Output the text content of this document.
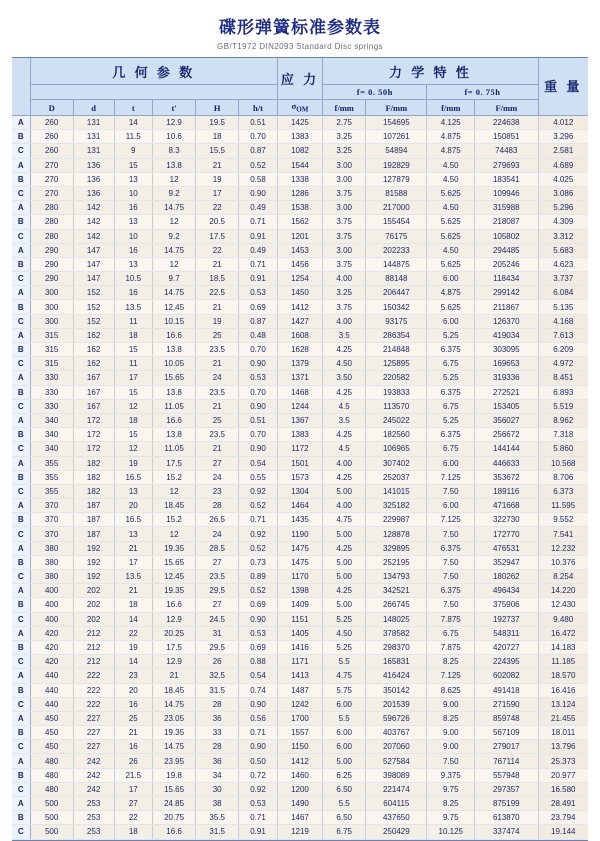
碟形弹簧标准参数表
GB/T1972 DIN2093 Standard Disc springs
	几 何 参 数						应 力	力 学 特 性				重 量
								f= 0. 50h		f= 0. 75h		
	D	d	t	t'	H	h/t	$\sigma_{OM}$	f/mm	F/mm	f/mm	F/mm	
A	260	131	14	12.9	19.5	0.51	1425	2.75	154695	4.125	224638	4.012
B	260	131	11.5	10.6	18	0.70	1383	3.25	107261	4.875	150851	3.296
C	260	131	9	8.3	15.5	0.87	1082	3.25	54894	4.875	74483	2.581
A	270	136	15	13.8	21	0.52	1544	3.00	192829	4.50	279693	4.689
B	270	136	13	12	19	0.58	1338	3.00	127879	4.50	183541	4.025
C	270	136	10	9.2	17	0.90	1286	3.75	81588	5.625	109946	3.086
A	280	142	16	14.75	22	0.49	1538	3.00	217000	4.50	315988	5.296
B	280	142	13	12	20.5	0.71	1562	3.75	155454	5.625	218087	4.309
C	280	142	10	9.2	17.5	0.91	1201	3.75	76175	5.625	105802	3.312
A	290	147	16	14.75	22	0.49	1453	3.00	202233	4.50	294485	5.683
B	290	147	13	12	21	0.71	1456	3.75	144875	5.625	205246	4.623
C	290	147	10.5	9.7	18.5	0.91	1254	4.00	88148	6.00	118434	3.737
A	300	152	16	14.75	22.5	0.53	1450	3.25	206447	4.875	299142	6.084
B	300	152	13.5	12.45	21	0.69	1412	3.75	150342	5.625	211867	5.135
C	300	152	11	10.15	19	0.87	1427	4.00	93175	6.00	126370	4.168
A	315	162	18	16.6	25	0.48	1608	3.5	286354	5.25	419034	7.613
B	315	162	15	13.8	23.5	0.70	1628	4.25	214848	6.375	303095	6.209
C	315	162	11	10.05	21	0.90	1379	4.50	125895	6.75	169653	4.972
A	330	167	17	15.65	24	0.53	1371	3.50	220582	5.25	319336	8.451
B	330	167	15	13.8	23.5	0.70	1468	4.25	193833	6.375	272521	6.893
C	330	167	12	11.05	21	0.90	1244	4.5	113570	6.75	153405	5.519
A	340	172	18	16.6	25	0.51	1367	3.5	245022	5.25	356027	8.962
B	340	172	15	13.8	23.5	0.70	1383	4.25	182560	6.375	256672	7.318
C	340	172	12	11.05	21	0.90	1172	4.5	106965	6.75	144144	5.860
A	355	182	19	17.5	27	0.54	1501	4.00	307402	6.00	446633	10.568
B	355	182	16.5	15.2	24	0.55	1573	4.25	252037	7.125	353672	8.706
C	355	182	13	12	23	0.92	1304	5.00	141015	7.50	189116	6.373
A	370	187	20	18.45	28	0.52	1464	4.00	325182	6.00	471668	11.595
B	370	187	16.5	15.2	26.5	0.71	1435	4.75	229987	7.125	322730	9.552
C	370	187	13	12	24	0.92	1190	5.00	128878	7.50	172770	7.541
A	380	192	21	19.35	28.5	0.52	1475	4.25	329895	6.375	476531	12.232
B	380	192	17	15.65	27	0.73	1475	5.00	252195	7.50	352947	10.376
C	380	192	13.5	12.45	23.5	0.89	1170	5.00	134793	7.50	180262	8.254
A	400	202	21	19.35	29.5	0.52	1398	4.25	342521	6.375	496434	14.220
B	400	202	18	16.6	27	0.69	1409	5.00	266745	7.50	375906	12.430
C	400	202	14	12.9	24.5	0.90	1151	5.25	148025	7.875	192737	9.480
A	420	212	22	20.25	31	0.53	1405	4.50	378582	6.75	548311	16.472
B	420	212	19	17.5	29.5	0.69	1416	5.25	298370	7.875	420727	14.183
C	420	212	14	12.9	26	0.88	1171	5.5	165831	8.25	224395	11.185
A	440	222	23	21	32.5	0.54	1413	4.75	416424	7.125	602082	18.570
B	440	222	20	18.45	31.5	0.74	1487	5.75	350142	8.625	491418	16.416
C	440	222	16	14.75	28	0.90	1242	6.00	201539	9.00	271590	13.124
A	450	227	25	23.05	36	0.56	1700	5.5	596726	8.25	859748	21.455
B	450	227	21	19.35	33	0.71	1557	6.00	403767	9.00	567109	18.011
C	450	227	16	14.75	28	0.90	1150	6.00	207060	9.00	279017	13.796
A	480	242	26	23.95	36	0.50	1412	5.00	527584	7.50	767114	25.373
B	480	242	21.5	19.8	34	0.72	1460	6.25	398089	9.375	557948	20.977
C	480	242	17	15.65	30	0.92	1200	6.50	221474	9.75	297357	16.580
A	500	253	27	24.85	38	0.53	1490	5.5	604115	8.25	875199	28.491
B	500	253	22	20.75	35.5	0.71	1467	6.50	437650	9.75	613870	23.794
C	500	253	18	16.6	31.5	0.91	1219	6.75	250429	10.125	337474	19.144
